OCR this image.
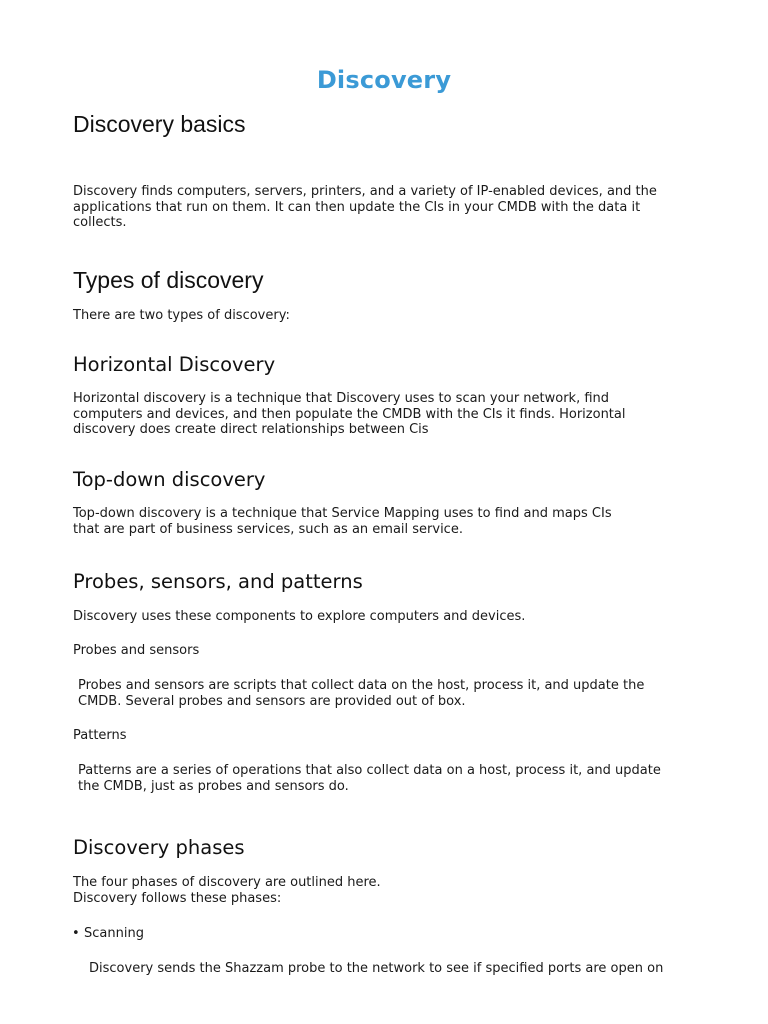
Discovery
Discovery basics

Discovery finds computers, servers, printers, and a variety of IP-enabled devices, and the
applications that run on them. It can then update the CIs in your CMDB with the data it
collects.

Types of discovery

There are two types of discovery:

Horizontal Discovery

Horizontal discovery is a technique that Discovery uses to scan your network, find
computers and devices, and then populate the CMDB with the CIs it finds. Horizontal
discovery does create direct relationships between Cis

Top-down discovery

Top-down discovery is a technique that Service Mapping uses to find and maps CIs
that are part of business services, such as an email service.

Probes, sensors, and patterns

Discovery uses these components to explore computers and devices.

Probes and sensors

Probes and sensors are scripts that collect data on the host, process it, and update the
CMDB. Several probes and sensors are provided out of box.

Patterns

Patterns are a series of operations that also collect data on a host, process it, and update
the CMDB, just as probes and sensors do.

Discovery phases

The four phases of discovery are outlined here.
Discovery follows these phases:

• Scanning

Discovery sends the Shazzam probe to the network to see if specified ports are open on
